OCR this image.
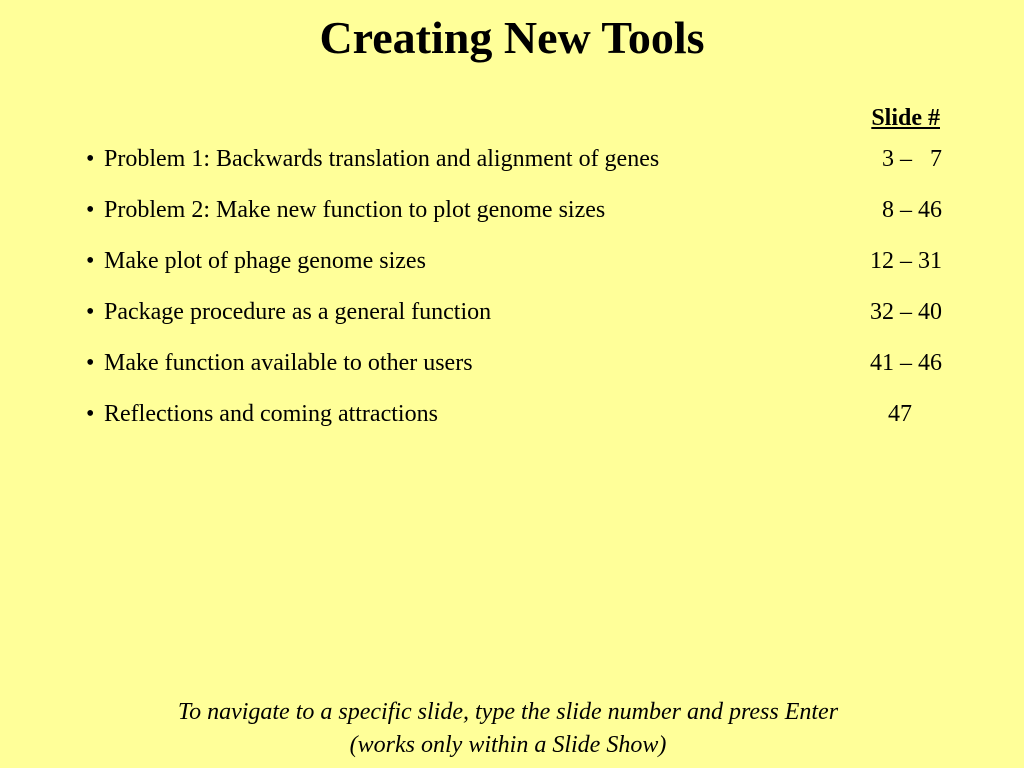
Creating New Tools
Slide #
• Problem 1: Backwards translation and alignment of genes	3 –   7
• Problem 2: Make new function to plot genome sizes	8 – 46
• Make plot of phage genome sizes	12 – 31
• Package procedure as a general function	32 – 40
• Make function available to other users	41 – 46
• Reflections and coming attractions	47
To navigate to a specific slide, type the slide number and press Enter
(works only within a Slide Show)
